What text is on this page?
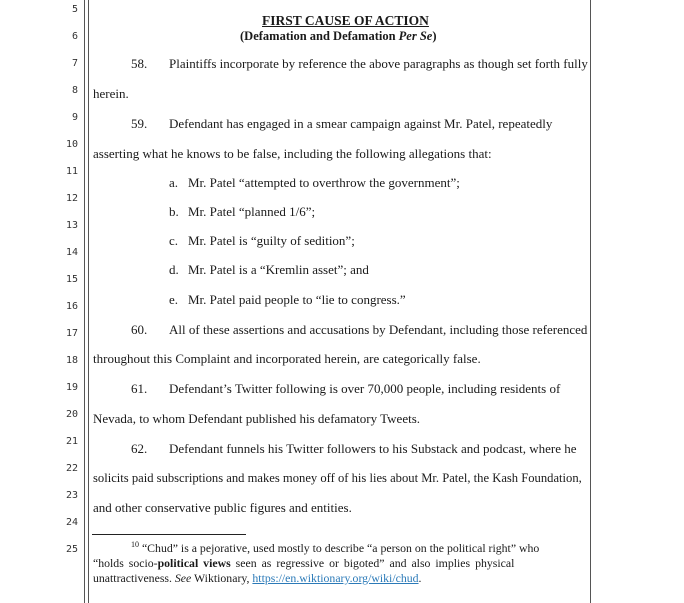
5
6
7
8
9
10
11
12
13
14
15
16
17
18
19
20
21
22
23
24
25
FIRST CAUSE OF ACTION
(Defamation and Defamation Per Se)
58. Plaintiffs incorporate by reference the above paragraphs as though set forth fully
herein.
59. Defendant has engaged in a smear campaign against Mr. Patel, repeatedly
asserting what he knows to be false, including the following allegations that:
a. Mr. Patel “attempted to overthrow the government”;
b. Mr. Patel “planned 1/6”;
c. Mr. Patel is “guilty of sedition”;
d. Mr. Patel is a “Kremlin asset”; and
e. Mr. Patel paid people to “lie to congress.”
60. All of these assertions and accusations by Defendant, including those referenced
throughout this Complaint and incorporated herein, are categorically false.
61. Defendant’s Twitter following is over 70,000 people, including residents of
Nevada, to whom Defendant published his defamatory Tweets.
62. Defendant funnels his Twitter followers to his Substack and podcast, where he
solicits paid subscriptions and makes money off of his lies about Mr. Patel, the Kash Foundation,
and other conservative public figures and entities.
$^{10}$ “Chud” is a pejorative, used mostly to describe “a person on the political right” who
“holds socio-political views seen as regressive or bigoted” and also implies physical
unattractiveness. See Wiktionary, https://en.wiktionary.org/wiki/chud.
